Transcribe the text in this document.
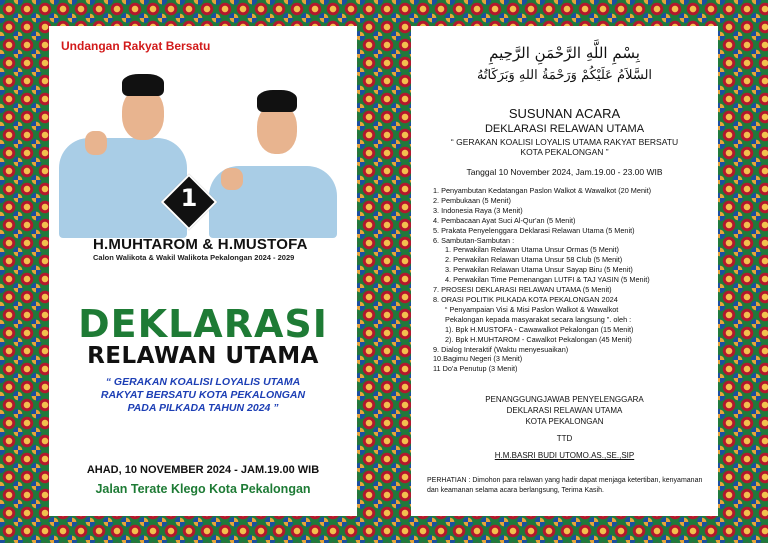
Undangan Rakyat Bersatu
1
H.MUHTAROM & H.MUSTOFA
Calon Walikota & Wakil Walikota Pekalongan 2024 - 2029
DEKLARASI
RELAWAN UTAMA
“ GERAKAN KOALISI LOYALIS UTAMA
RAKYAT BERSATU KOTA PEKALONGAN
PADA PILKADA TAHUN 2024 ”
AHAD, 10 NOVEMBER 2024 - JAM.19.00 WIB
Jalan Terate Klego Kota Pekalongan
بِسْمِ اللَّهِ الرَّحْمَنِ الرَّحِيمِ
السَّلاَمُ عَلَيْكُمْ وَرَحْمَةُ اللهِ وَبَرَكَاتُهُ
SUSUNAN ACARA
DEKLARASI RELAWAN UTAMA
“ GERAKAN KOALISI LOYALIS UTAMA RAKYAT BERSATU
KOTA PEKALONGAN ”
Tanggal 10 November 2024, Jam.19.00 - 23.00 WIB
1. Penyambutan Kedatangan Paslon Walkot & Wawalkot (20 Menit)
2. Pembukaan (5 Menit)
3. Indonesia Raya (3 Menit)
4. Pembacaan Ayat Suci Al-Qur'an (5 Menit)
5. Prakata Penyelenggara Deklarasi Relawan Utama (5 Menit)
6. Sambutan-Sambutan :
1. Perwakilan Relawan Utama Unsur Ormas (5 Menit)
2. Perwakilan Relawan Utama Unsur 58 Club (5 Menit)
3. Perwakilan Relawan Utama Unsur Sayap Biru (5 Menit)
4. Perwakilan Time Pemenangan LUTFI & TAJ YASIN (5 Menit)
7. PROSESI DEKLARASI RELAWAN UTAMA (5 Menit)
8. ORASI POLITIK PILKADA KOTA PEKALONGAN 2024
“ Penyampaian Visi & Misi Paslon Walkot & Wawalkot
Pekalongan kepada masyarakat secara langsung ”. oleh :
1). Bpk H.MUSTOFA - Cawawalkot Pekalongan (15 Menit)
2). Bpk H.MUHTAROM - Cawalkot Pekalongan (45 Menit)
9. Dialog Interaktif (Waktu menyesuaikan)
10.Bagimu Negeri (3 Menit)
11 Do'a Penutup (3 Menit)
PENANGGUNGJAWAB PENYELENGGARA
DEKLARASI RELAWAN UTAMA
KOTA PEKALONGAN
TTD
H.M.BASRI BUDI UTOMO.AS.,SE.,SIP
PERHATIAN : Dimohon para relawan yang hadir dapat menjaga ketertiban, kenyamanan dan keamanan selama acara berlangsung, Terima Kasih.
